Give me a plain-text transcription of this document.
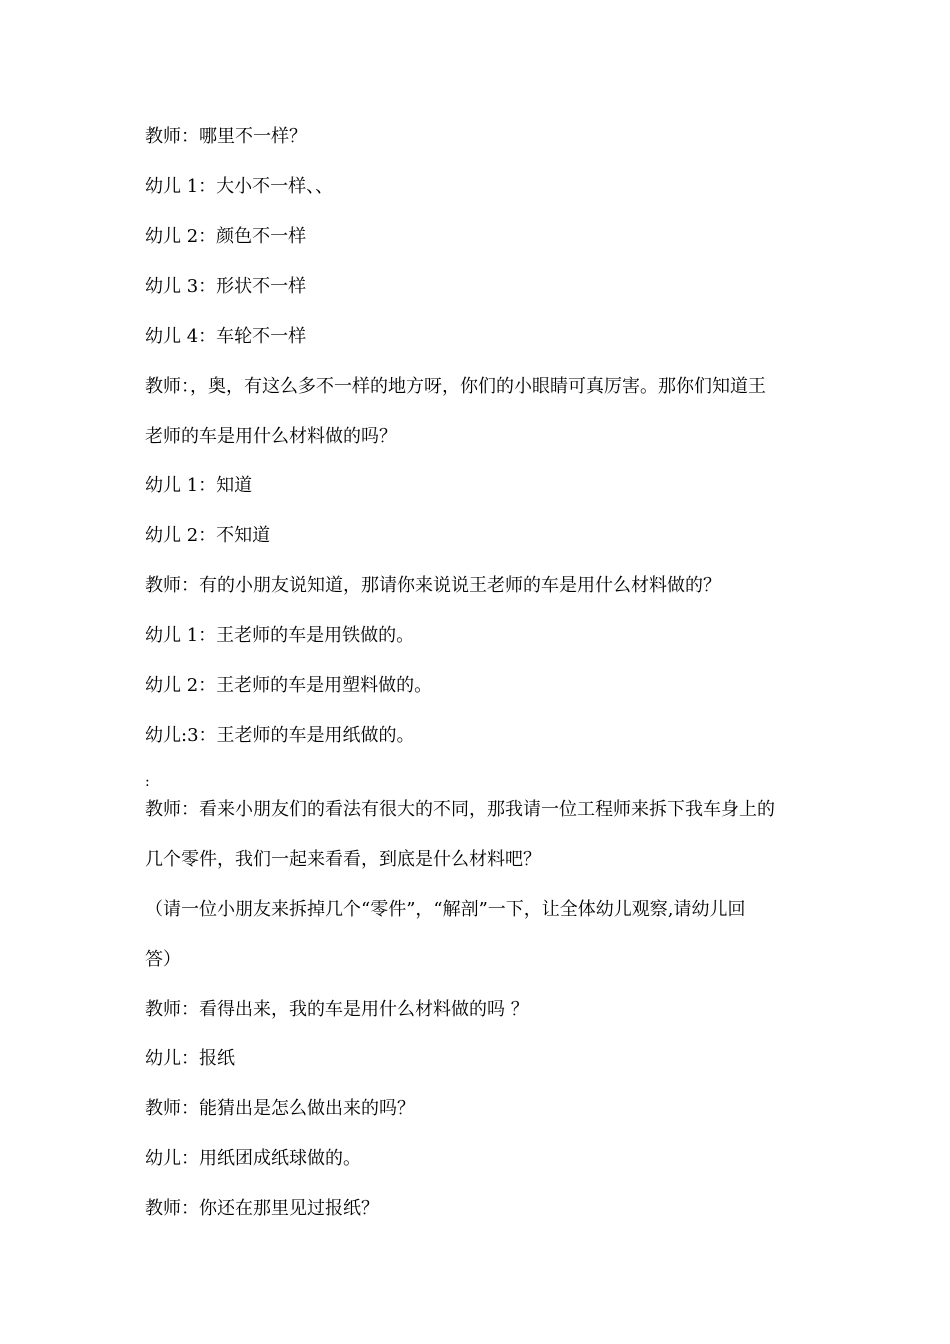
教师：哪里不一样？
幼儿 1：大小不一样、、
幼儿 2：颜色不一样
幼儿 3：形状不一样
幼儿 4：车轮不一样
教师：，奥，有这么多不一样的地方呀，你们的小眼睛可真厉害。那你们知道王
老师的车是用什么材料做的吗？
幼儿 1：知道
幼儿 2：不知道
教师：有的小朋友说知道，那请你来说说王老师的车是用什么材料做的？
幼儿 1：王老师的车是用铁做的。
幼儿 2：王老师的车是用塑料做的。
幼儿:3：王老师的车是用纸做的。
:
教师：看来小朋友们的看法有很大的不同，那我请一位工程师来拆下我车身上的
几个零件，我们一起来看看，到底是什么材料吧？
（请一位小朋友来拆掉几个“零件”，“解剖”一下，让全体幼儿观察,请幼儿回
答）
教师：看得出来，我的车是用什么材料做的吗 ？
幼儿：报纸
教师：能猜出是怎么做出来的吗？
幼儿：用纸团成纸球做的。
教师：你还在那里见过报纸？
